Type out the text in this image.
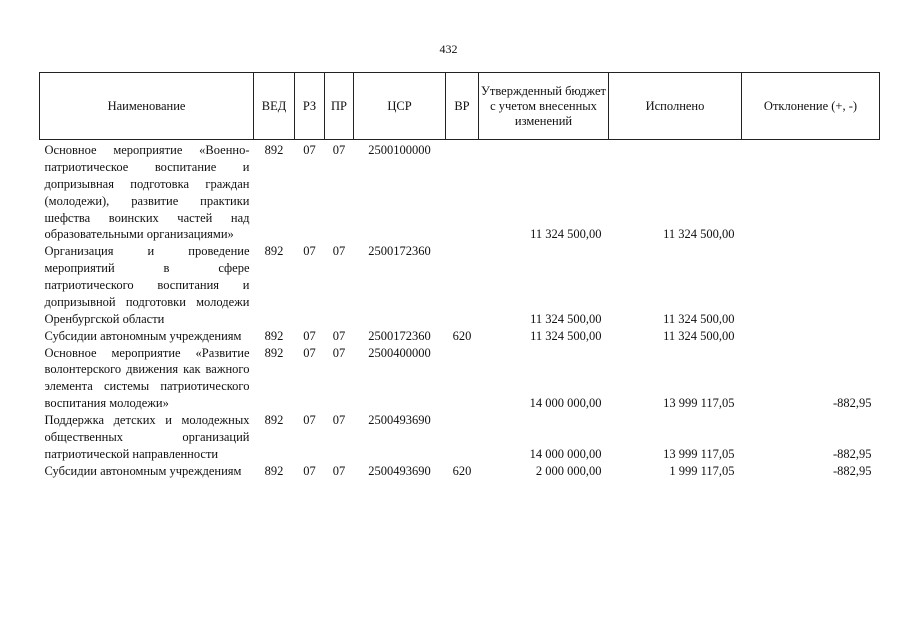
432
Наименование	ВЕД	РЗ	ПР	ЦСР	ВР	Утвержденный бюджет с учетом внесенных изменений	Исполнено	Отклонение (+, -)
Основное мероприятие «Военно-патриотическое воспитание и допризывная подготовка граждан (молодежи), развитие практики шефства воинских частей над образовательными организациями»	892	07	07	2500100000		11 324 500,00	11 324 500,00	
Организация и проведение мероприятий в сфере патриотического воспитания и допризывной подготовки молодежи Оренбургской области	892	07	07	2500172360		11 324 500,00	11 324 500,00	
Субсидии автономным учреждениям	892	07	07	2500172360	620	11 324 500,00	11 324 500,00	
Основное мероприятие «Развитие волонтерского движения как важного элемента системы патриотического воспитания молодежи»	892	07	07	2500400000		14 000 000,00	13 999 117,05	-882,95
Поддержка детских и молодежных общественных организаций патриотической направленности	892	07	07	2500493690		14 000 000,00	13 999 117,05	-882,95
Субсидии автономным учреждениям	892	07	07	2500493690	620	2 000 000,00	1 999 117,05	-882,95
